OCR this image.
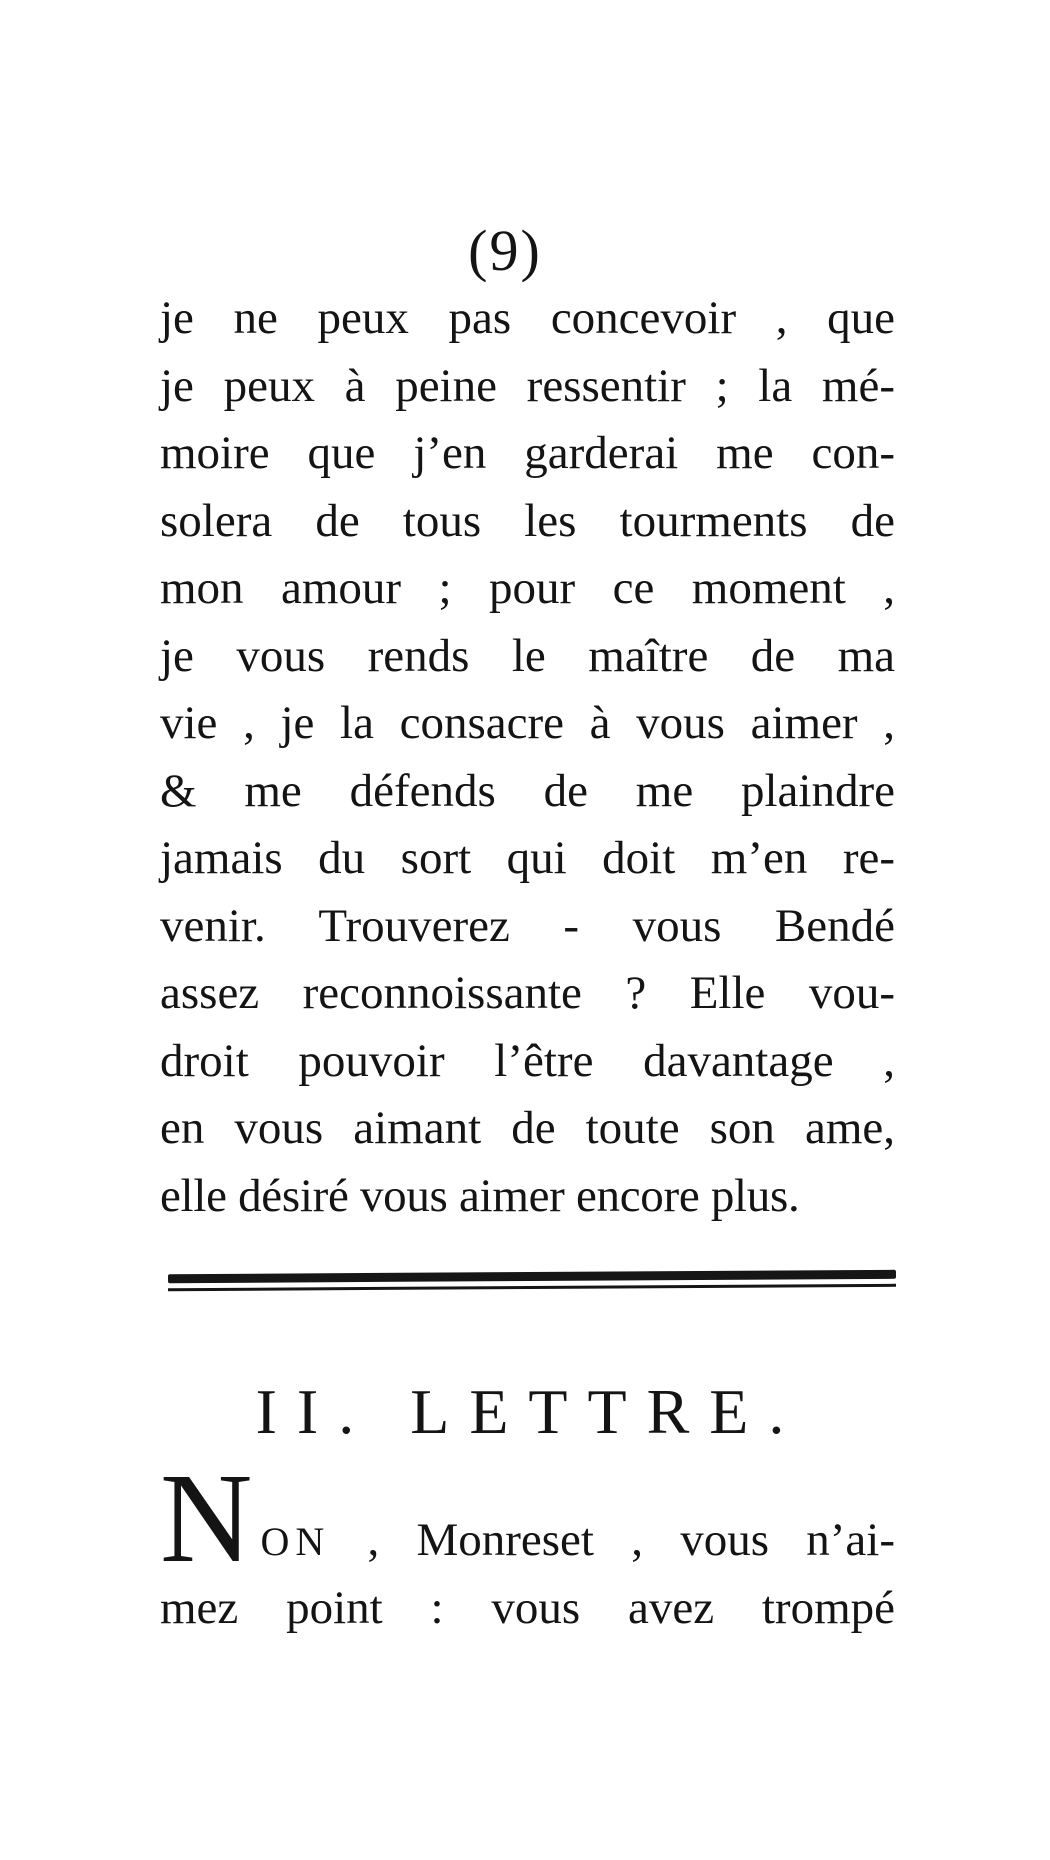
(9)
je ne peux pas concevoir , que
je peux à peine ressentir ; la mé-
moire que j’en garderai me con-
solera de tous les tourments de
mon amour ; pour ce moment ,
je vous rends le maître de ma
vie , je la consacre à vous aimer ,
& me défends de me plaindre
jamais du sort qui doit m’en re-
venir. Trouverez - vous Bendé
assez reconnoissante ? Elle vou-
droit pouvoir l’être davantage ,
en vous aimant de toute son ame,
elle désiré vous aimer encore plus.
II. LETTRE.
N ON , Monreset , vous n’ai-
mez point : vous avez trompé
